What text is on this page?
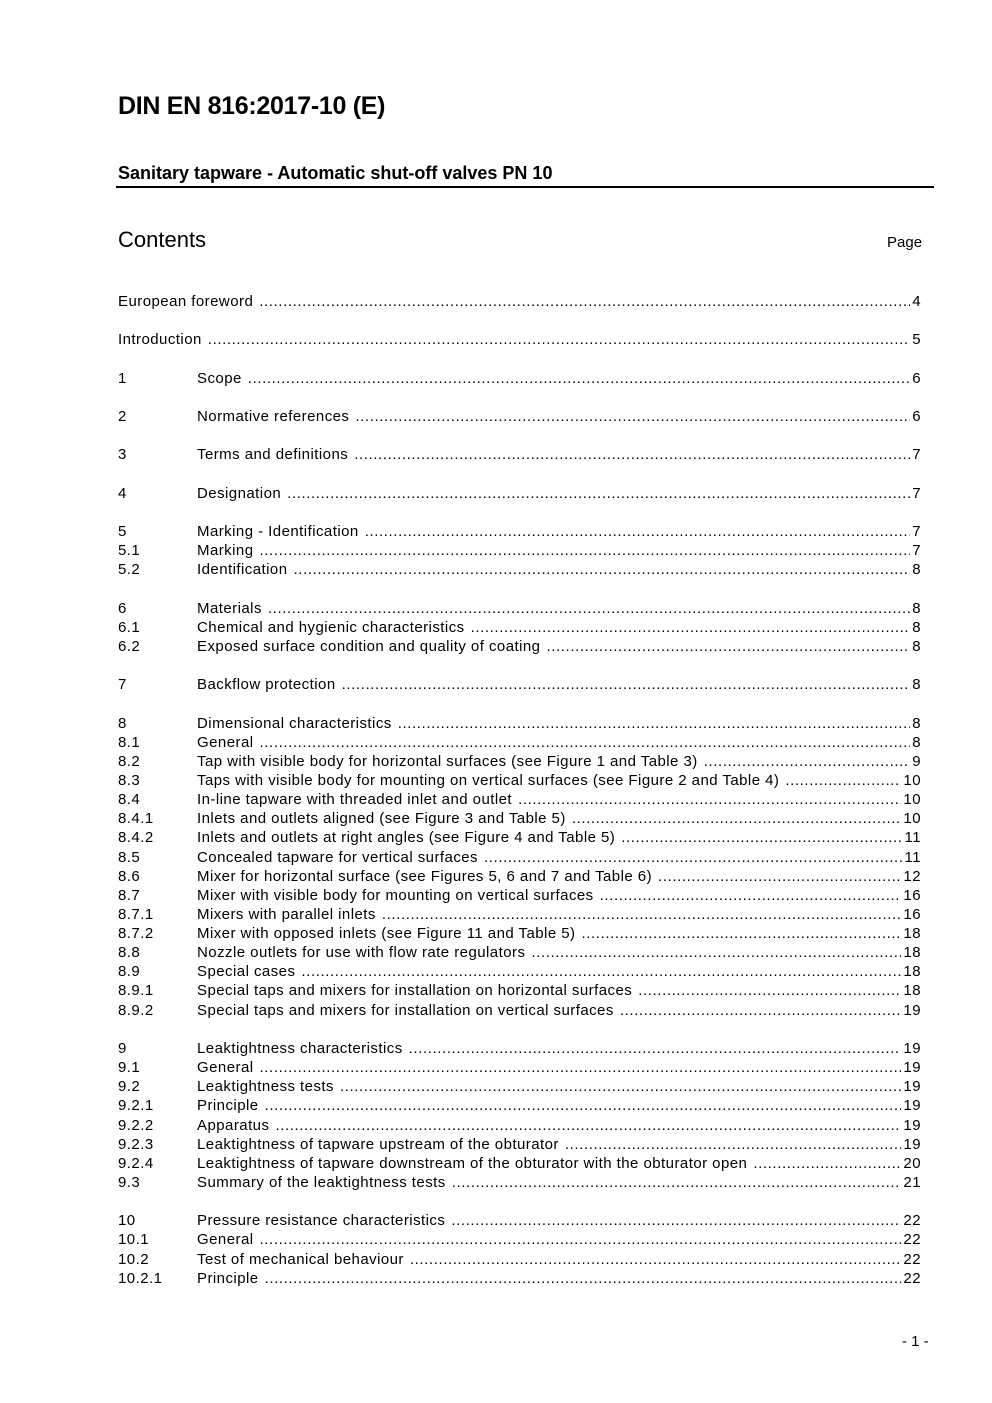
DIN EN 816:2017-10 (E)
Sanitary tapware - Automatic shut-off valves PN 10
Contents	Page
European foreword .....	4
Introduction .....	5
1	Scope .....	6
2	Normative references .....	6
3	Terms and definitions .....	7
4	Designation .....	7
5	Marking - Identification .....	7
5.1	Marking .....	7
5.2	Identification .....	8
6	Materials .....	8
6.1	Chemical and hygienic characteristics .....	8
6.2	Exposed surface condition and quality of coating .....	8
7	Backflow protection .....	8
8	Dimensional characteristics .....	8
8.1	General .....	8
8.2	Tap with visible body for horizontal surfaces (see Figure 1 and Table 3) .....	9
8.3	Taps with visible body for mounting on vertical surfaces (see Figure 2 and Table 4) .....	10
8.4	In-line tapware with threaded inlet and outlet .....	10
8.4.1	Inlets and outlets aligned (see Figure 3 and Table 5) .....	10
8.4.2	Inlets and outlets at right angles (see Figure 4 and Table 5) .....	11
8.5	Concealed tapware for vertical surfaces .....	11
8.6	Mixer for horizontal surface (see Figures 5, 6 and 7 and Table 6) .....	12
8.7	Mixer with visible body for mounting on vertical surfaces .....	16
8.7.1	Mixers with parallel inlets .....	16
8.7.2	Mixer with opposed inlets (see Figure 11 and Table 5) .....	18
8.8	Nozzle outlets for use with flow rate regulators .....	18
8.9	Special cases .....	18
8.9.1	Special taps and mixers for installation on horizontal surfaces .....	18
8.9.2	Special taps and mixers for installation on vertical surfaces .....	19
9	Leaktightness characteristics .....	19
9.1	General .....	19
9.2	Leaktightness tests .....	19
9.2.1	Principle .....	19
9.2.2	Apparatus .....	19
9.2.3	Leaktightness of tapware upstream of the obturator .....	19
9.2.4	Leaktightness of tapware downstream of the obturator with the obturator open .....	20
9.3	Summary of the leaktightness tests .....	21
10	Pressure resistance characteristics .....	22
10.1	General .....	22
10.2	Test of mechanical behaviour .....	22
10.2.1	Principle .....	22
- 1 -
